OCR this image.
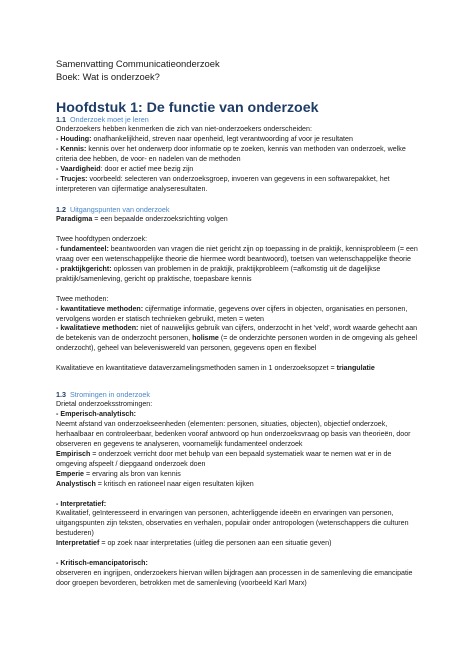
Samenvatting Communicatieonderzoek
Boek: Wat is onderzoek?
Hoofdstuk 1: De functie van onderzoek
1.1 Onderzoek moet je leren
Onderzoekers hebben kenmerken die zich van niet-onderzoekers onderscheiden:
- Houding: onafhankelijkheid, streven naar openheid, legt verantwoording af voor je resultaten
- Kennis: kennis over het onderwerp door informatie op te zoeken, kennis van methoden van onderzoek, welke criteria dee hebben, de voor- en nadelen van de methoden
- Vaardigheid: door er actief mee bezig zijn
- Trucjes: voorbeeld: selecteren van onderzoeksgroep, invoeren van gegevens in een softwarepakket, het interpreteren van cijfermatige analyseresultaten.
1.2 Uitgangspunten van onderzoek
Paradigma = een bepaalde onderzoeksrichting volgen
Twee hoofdtypen onderzoek:
- fundamenteel: beantwoorden van vragen die niet gericht zijn op toepassing in de praktijk, kennisprobleem (= een vraag over een wetenschappelijke theorie die hiermee wordt beantwoord), toetsen van wetenschappelijke theorie
- praktijkgericht: oplossen van problemen in de praktijk, praktijkprobleem (=afkomstig uit de dagelijkse praktijk/samenleving, gericht op praktische, toepasbare kennis
Twee methoden:
- kwantitatieve methoden: cijfermatige informatie, gegevens over cijfers in objecten, organisaties en personen, vervolgens worden er statisch technieken gebruikt, meten = weten
- kwalitatieve methoden: niet of nauwelijks gebruik van cijfers, onderzocht in het 'veld', wordt waarde gehecht aan de betekenis van de onderzocht personen, holisme (= de onderzichte personen worden in de omgeving als geheel onderzocht), geheel van beleveniswereld van personen, gegevens open en flexibel
Kwalitatieve en kwantitatieve dataverzamelingsmethoden samen in 1 onderzoeksopzet = triangulatie
1.3 Stromingen in onderzoek
Drietal onderzoeksstromingen:
- Emperisch-analytisch:
Neemt afstand van onderzoekseenheden (elementen: personen, situaties, objecten), objectief onderzoek, herhaalbaar en controleerbaar, bedenken vooraf antwoord op hun onderzoeksvraag op basis van theorieën, door observeren en gegevens te analyseren, voornamelijk fundamenteel onderzoek
Empirisch = onderzoek verricht door met behulp van een bepaald systematiek waar te nemen wat er in de omgeving afspeelt / diepgaand onderzoek doen
Emperie = ervaring als bron van kennis
Analystisch = kritisch en rationeel naar eigen resultaten kijken
- Interpretatief:
Kwalitatief, geïnteresseerd in ervaringen van personen, achterliggende ideeën en ervaringen van personen, uitgangspunten zijn teksten, observaties en verhalen, populair onder antropologen (wetenschappers die culturen bestuderen)
Interpretatief = op zoek naar interpretaties (uitleg die personen aan een situatie geven)
- Kritisch-emancipatorisch:
observeren en ingrijpen, onderzoekers hiervan willen bijdragen aan processen in de samenleving die emancipatie door groepen bevorderen, betrokken met de samenleving (voorbeeld Karl Marx)
